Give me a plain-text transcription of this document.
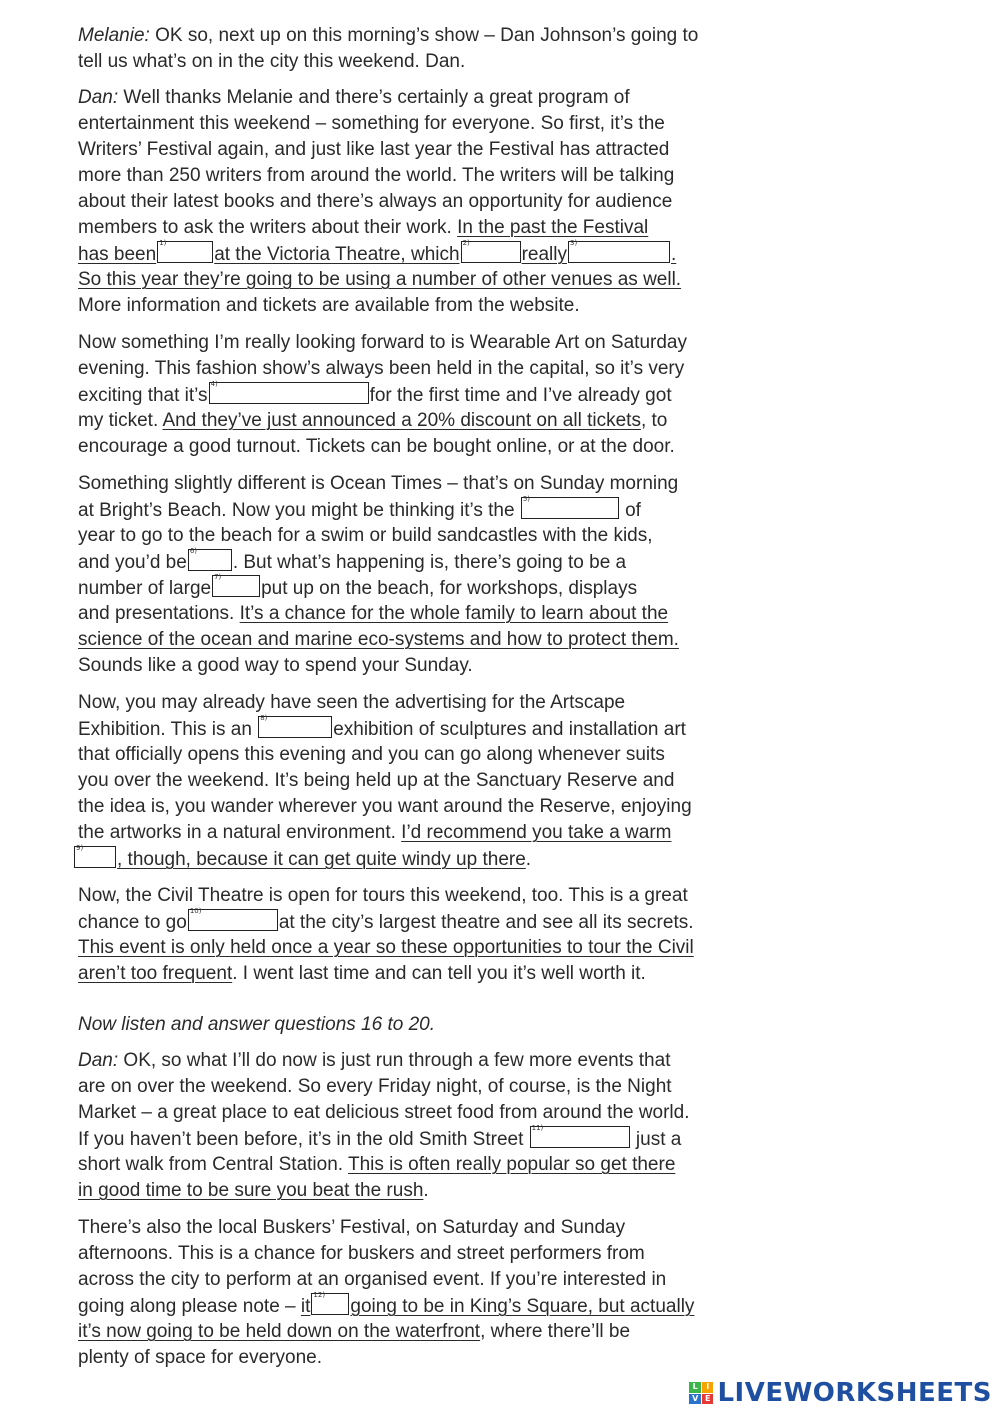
Melanie: OK so, next up on this morning’s show – Dan Johnson’s going to
tell us what’s on in the city this weekend. Dan.
Dan: Well thanks Melanie and there’s certainly a great program of
entertainment this weekend – something for everyone. So first, it’s the
Writers’ Festival again, and just like last year the Festival has attracted
more than 250 writers from around the world. The writers will be talking
about their latest books and there’s always an opportunity for audience
members to ask the writers about their work. In the past the Festival
has been
1)
at the Victoria Theatre, which
2)
really
3)
.
So this year they’re going to be using a number of other venues as well.
More information and tickets are available from the website.
Now something I’m really looking forward to is Wearable Art on Saturday
evening. This fashion show’s always been held in the capital, so it’s very
exciting that it’s
4)
for the first time and I’ve already got
my ticket. And they’ve just announced a 20% discount on all tickets, to
encourage a good turnout. Tickets can be bought online, or at the door.
Something slightly different is Ocean Times – that’s on Sunday morning
at Bright’s Beach. Now you might be thinking it’s the
5)
of
year to go to the beach for a swim or build sandcastles with the kids,
and you’d be
6)
. But what’s happening is, there’s going to be a
number of large
7)
put up on the beach, for workshops, displays
and presentations. It’s a chance for the whole family to learn about the
science of the ocean and marine eco-systems and how to protect them.
Sounds like a good way to spend your Sunday.
Now, you may already have seen the advertising for the Artscape
Exhibition. This is an
8)
exhibition of sculptures and installation art
that officially opens this evening and you can go along whenever suits
you over the weekend. It’s being held up at the Sanctuary Reserve and
the idea is, you wander wherever you want around the Reserve, enjoying
the artworks in a natural environment. I’d recommend you take a warm
9)
, though, because it can get quite windy up there.
Now, the Civil Theatre is open for tours this weekend, too. This is a great
chance to go
10)
at the city’s largest theatre and see all its secrets.
This event is only held once a year so these opportunities to tour the Civil
aren’t too frequent. I went last time and can tell you it’s well worth it.
Now listen and answer questions 16 to 20.
Dan: OK, so what I’ll do now is just run through a few more events that
are on over the weekend. So every Friday night, of course, is the Night
Market – a great place to eat delicious street food from around the world.
If you haven’t been before, it’s in the old Smith Street
11)
just a
short walk from Central Station. This is often really popular so get there
in good time to be sure you beat the rush.
There’s also the local Buskers’ Festival, on Saturday and Sunday
afternoons. This is a chance for buskers and street performers from
across the city to perform at an organised event. If you’re interested in
going along please note – it
12)
going to be in King’s Square, but actually
it’s now going to be held down on the waterfront, where there’ll be
plenty of space for everyone.
L	I
V E LIVEWORKSHEETS
